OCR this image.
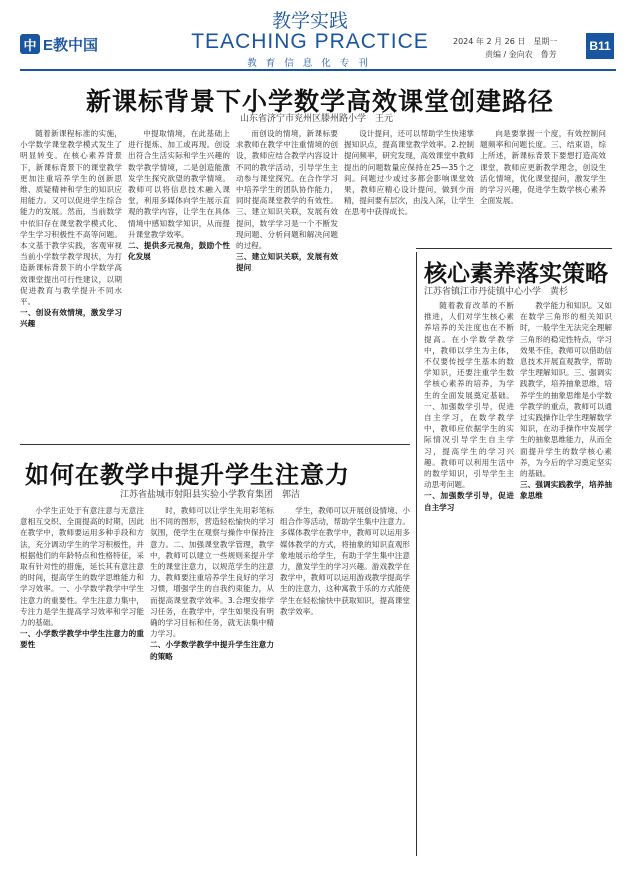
中 E教中国
教学实践
TEACHING PRACTICE
教 育 信 息 化 专 刊
2024 年 2 月 26 日　星期一
责编 / 金向农　鲁芳
B11
新课标背景下小学数学高效课堂创建路径
山东省济宁市兖州区滕州路小学　王元

随着新课程标准的实施，小学数学课堂教学模式发生了明显转变。在核心素养背景下，新课标背景下的课堂教学更加注重培养学生的创新思维、质疑精神和学生的知识应用能力。又可以促进学生综合能力的发展。然而，当前数学中依旧存在课堂教学模式化、学生学习积极性不高等问题。本文基于教学实践，客观审视当前小学数学教学现状，为打造新课标背景下的小学数学高效课堂提出可行性建议，以期促进教育与教学提升不同水平。

一、创设有效情境，激发学习兴趣

中提取情境，在此基础上进行提炼、加工或再现。创设出符合生活实际和学生兴趣的数学教学情境，二是创造能激发学生探究欲望的教学情境。教师可以将信息技术融入课堂，利用多媒体向学生展示直观的教学内容，让学生在具体情境中感知数学知识，从而提升课堂教学效率。

二、提供多元视角，鼓励个性化发展

而创设的情境，新课标要求教师在教学中注重情境的创设，教师应结合教学内容设计不同的教学活动，引导学生主动参与课堂探究。在合作学习中培养学生的团队协作能力，同时提高课堂教学的有效性。三、建立知识关联，发展有效提问，数学学习是一个不断发现问题、分析问题和解决问题的过程。

三、建立知识关联，发展有效提问

设计提问，还可以帮助学生快速掌握知识点，提高课堂教学效率。2.控制提问频率，研究发现，高效课堂中教师提出的问题数量应保持在25—35个之间。问题过少或过多都会影响课堂效果，教师应精心设计提问，做到少而精，提问要有层次，由浅入深，让学生在思考中获得成长。

向是要掌握一个度，有效控制问题频率和问题长度。三、结束语，综上所述，新课标背景下要想打造高效课堂，教师应更新教学理念，创设生活化情境，优化课堂提问，激发学生的学习兴趣，促进学生数学核心素养全面发展。

核心素养落实策略
江苏省镇江市丹徒镇中心小学　黄杉

随着教育改革的不断推进，人们对学生核心素养培养的关注度也在不断提高。在小学数学教学中，教师以学生为主体，不仅要传授学生基本的数学知识，还要注重学生数学核心素养的培养，为学生的全面发展奠定基础。一、加强数学引导，促进自主学习，在数学教学中，教师应依据学生的实际情况引导学生自主学习，提高学生的学习兴趣。教师可以利用生活中的数学知识，引导学生主动思考问题。

一、加强数学引导，促进自主学习

教学能力和知识。又如在数学三角形的相关知识时，一般学生无法完全理解三角形的稳定性特点，学习效果不佳，教师可以借助信息技术开展直观教学，帮助学生理解知识。三、强调实践教学，培养抽象思维，培养学生的抽象思维是小学数学教学的重点，教师可以通过实践操作让学生理解数学知识，在动手操作中发展学生的抽象思维能力，从而全面提升学生的数学核心素养，为今后的学习奠定坚实的基础。

三、强调实践教学，培养抽象思维

如何在教学中提升学生注意力
江苏省盐城市射阳县实验小学教育集团　郭洁

小学生正处于有意注意与无意注意相互交织、全面提高的时期，因此在教学中，教师要运用多种手段和方法，充分调动学生的学习积极性，并根据他们的年龄特点和性格特征，采取有针对性的措施，延长其有意注意的时间，提高学生的数学思维能力和学习效率。一、小学数学教学中学生注意力的重要性。学生注意力集中，专注力是学生提高学习效率和学习能力的基础。

一、小学数学教学中学生注意力的重要性

时，教师可以让学生先用彩笔标出不同的图形，营造轻松愉快的学习氛围，使学生在观察与操作中保持注意力。二、加强课堂教学管理，教学中，教师可以建立一些规则来提升学生的课堂注意力，以规范学生的注意力，教师要注重培养学生良好的学习习惯，增强学生的自我约束能力，从而提高课堂教学效率。3.合理安排学习任务，在教学中，学生如果没有明确的学习目标和任务，就无法集中精力学习。

二、小学数学教学中提升学生注意力的策略

学生，教师可以开展创设情境、小组合作等活动，帮助学生集中注意力。多媒体教学在教学中，教师可以运用多媒体教学的方式，将抽象的知识直观形象地展示给学生，有助于学生集中注意力，激发学生的学习兴趣。游戏教学在教学中，教师可以运用游戏教学提高学生的注意力，这种寓教于乐的方式能使学生在轻松愉快中获取知识，提高课堂教学效率。
